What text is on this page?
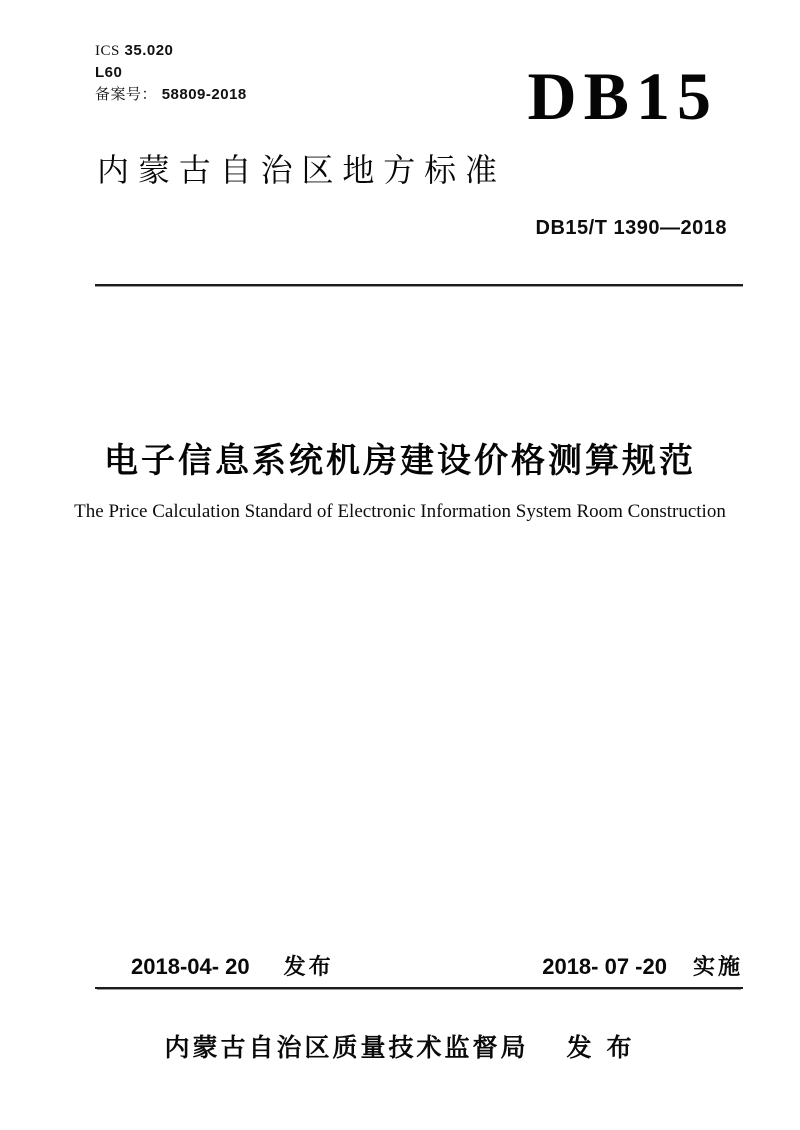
ICS 35.020
L60
备案号： 58809-2018	DB15
内 蒙 古 自 治 区 地 方 标 准
DB15/T 1390—2018
电子信息系统机房建设价格测算规范
The Price Calculation Standard of Electronic Information System Room Construction
2018-04- 20 发布	2018- 07 -20 实施
内蒙古自治区质量技术监督局 发 布
